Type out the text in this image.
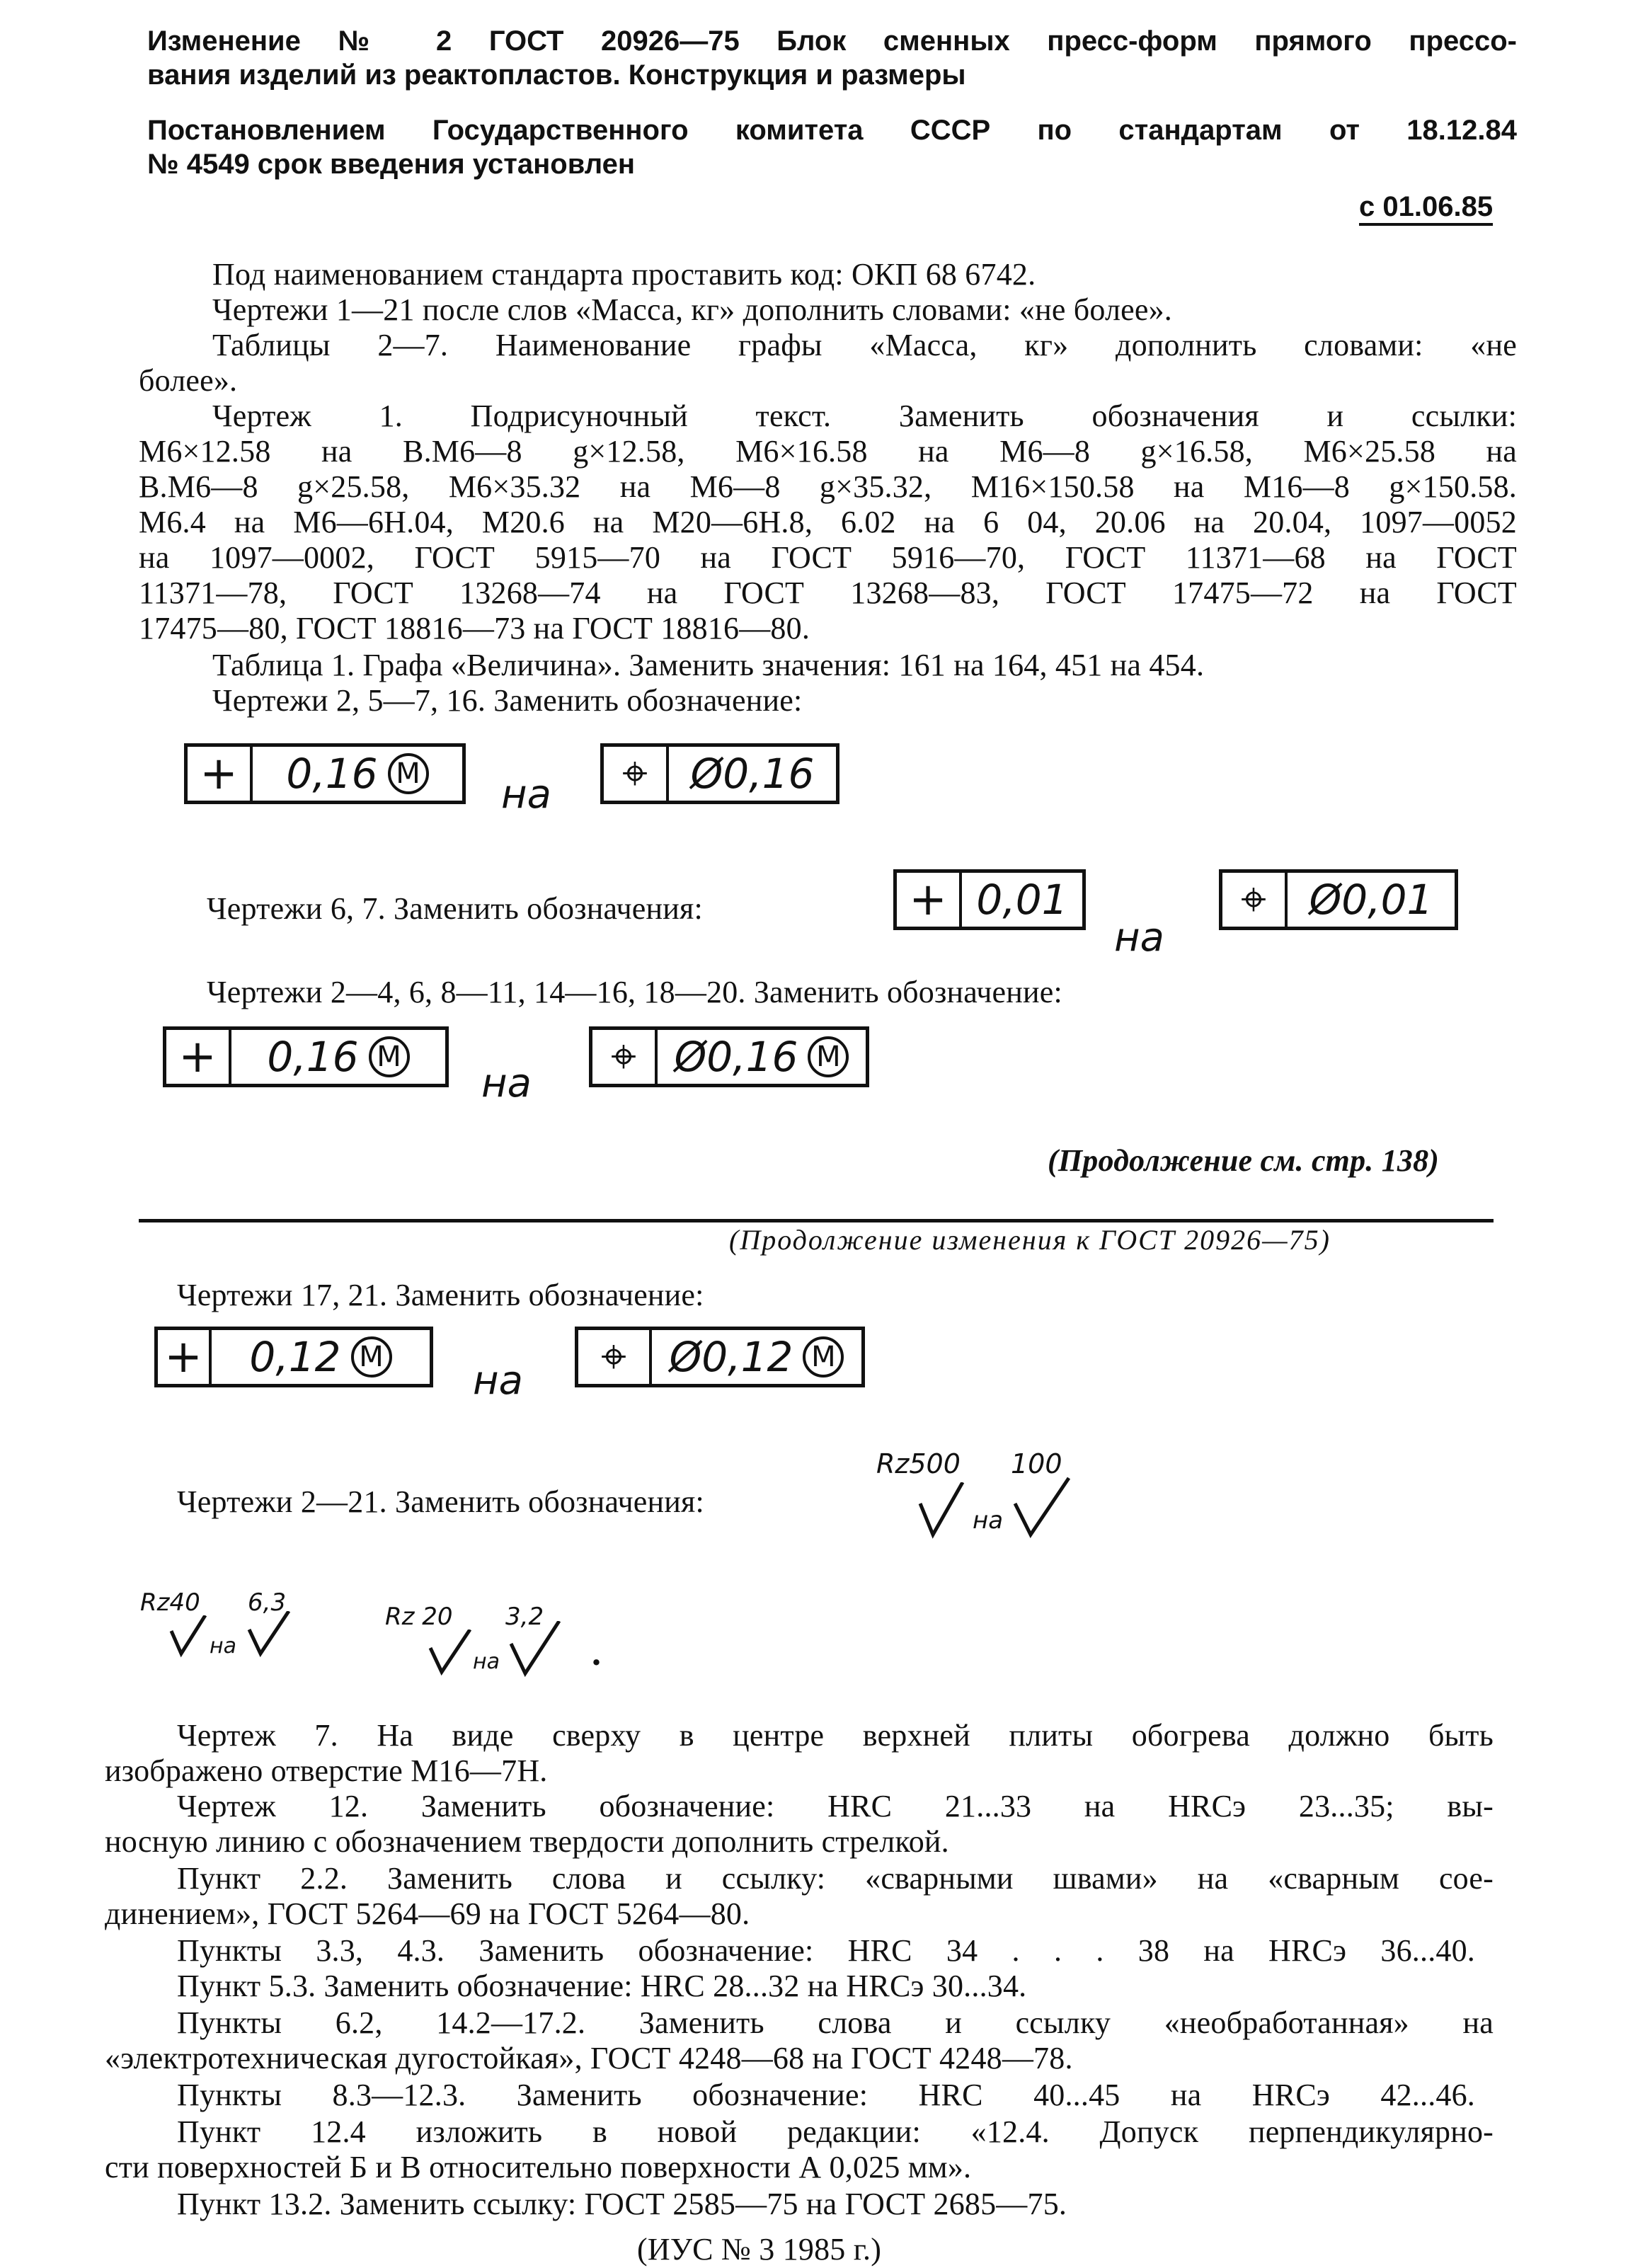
Изменение № 2 ГОСТ 20926—75 Блок сменных пресс-форм прямого прессо-
вания изделий из реактопластов. Конструкция и размеры
Постановлением Государственного комитета СССР по стандартам от 18.12.84
№ 4549 срок введения установлен
с 01.06.85
Под наименованием стандарта проставить код: ОКП 68 6742.
Чертежи 1—21 после слов «Масса, кг» дополнить словами: «не более».
Таблицы 2—7. Наименование графы «Масса, кг» дополнить словами: «не
более».
Чертеж 1. Подрисуночный текст. Заменить обозначения и ссылки:
М6×12.58 на В.М6—8 g×12.58, М6×16.58 на М6—8 g×16.58, М6×25.58 на
В.М6—8 g×25.58, М6×35.32 на М6—8 g×35.32, М16×150.58 на М16—8 g×150.58.
М6.4 на М6—6Н.04, М20.6 на М20—6Н.8, 6.02 на 6 04, 20.06 на 20.04, 1097—0052
на 1097—0002, ГОСТ 5915—70 на ГОСТ 5916—70, ГОСТ 11371—68 на ГОСТ
11371—78, ГОСТ 13268—74 на ГОСТ 13268—83, ГОСТ 17475—72 на ГОСТ
17475—80, ГОСТ 18816—73 на ГОСТ 18816—80.
Таблица 1. Графа «Величина». Заменить значения: 161 на 164, 451 на 454.
Чертежи 2, 5—7, 16. Заменить обозначение:
+	0,16 M на	⌖	Ø0,16
Чертежи 6, 7. Заменить обозначения:	+ 0,01
на
⌖	Ø0,01
Чертежи 2—4, 6, 8—11, 14—16, 18—20. Заменить обозначение:
+	0,16 M
на
⌖ Ø0,16 M
(Продолжение см. стр. 138)
(Продолжение изменения к ГОСТ 20926—75)
Чертежи 17, 21. Заменить обозначение:
+ 0,12 M
на	⌖	Ø0,12 M
Чертежи 2—21. Заменить обозначения:
Rz500 100
на
Rz40 6,3
на
Rz 20 3,2
на	.
Чертеж 7. На виде сверху в центре верхней плиты обогрева должно быть
изображено отверстие М16—7Н.
Чертеж 12. Заменить обозначение: HRC 21...33 на HRCэ 23...35; вы-
носную линию с обозначением твердости дополнить стрелкой.
Пункт 2.2. Заменить слова и ссылку: «сварными швами» на «сварным сое-
динением», ГОСТ 5264—69 на ГОСТ 5264—80.
Пункты 3.3, 4.3. Заменить обозначение: HRC 34 . . . 38 на HRCэ 36...40.
Пункт 5.3. Заменить обозначение: HRC 28...32 на HRCэ 30...34.
Пункты 6.2, 14.2—17.2. Заменить слова и ссылку «необработанная» на
«электротехническая дугостойкая», ГОСТ 4248—68 на ГОСТ 4248—78.
Пункты 8.3—12.3. Заменить обозначение: HRC 40...45 на HRCэ 42...46.
Пункт 12.4 изложить в новой редакции: «12.4. Допуск перпендикулярно-
сти поверхностей Б и В относительно поверхности А 0,025 мм».
Пункт 13.2. Заменить ссылку: ГОСТ 2585—75 на ГОСТ 2685—75.
(ИУС № 3 1985 г.)
